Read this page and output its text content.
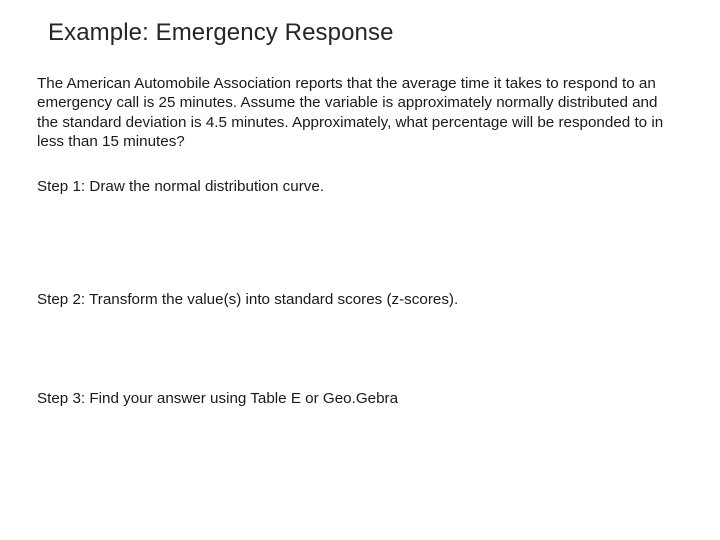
Example: Emergency Response

The American Automobile Association reports that the average time it takes to respond to an emergency call is 25 minutes. Assume the variable is approximately normally distributed and the standard deviation is 4.5 minutes. Approximately, what percentage will be responded to in less than 15 minutes?

Step 1: Draw the normal distribution curve.

Step 2: Transform the value(s) into standard scores (z-scores).

Step 3: Find your answer using Table E or Geo.Gebra
